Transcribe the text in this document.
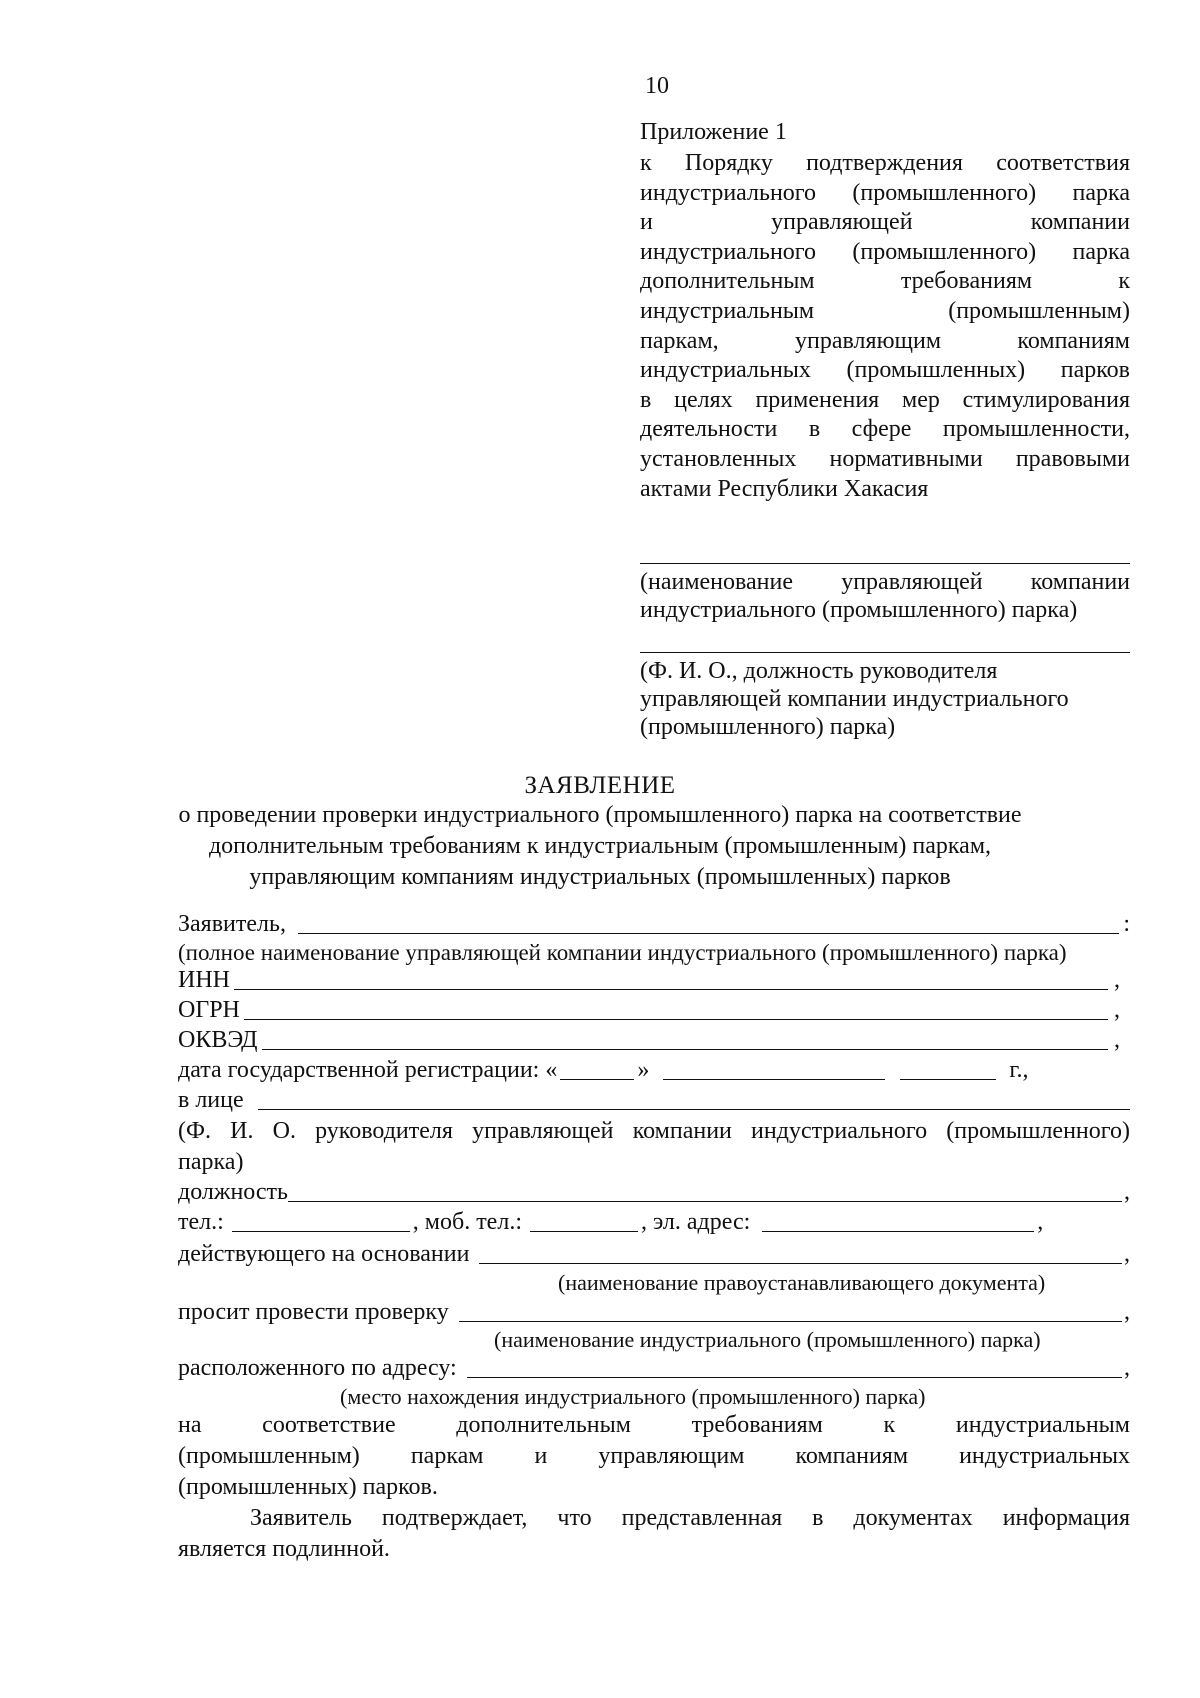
10
Приложение 1
к Порядку подтверждения соответствия
индустриального (промышленного) парка
и управляющей компании
индустриального (промышленного) парка
дополнительным требованиям к
индустриальным (промышленным)
паркам, управляющим компаниям
индустриальных (промышленных) парков
в целях применения мер стимулирования
деятельности в сфере промышленности,
установленных нормативными правовыми
актами Республики Хакасия
(наименование управляющей компании
индустриального (промышленного) парка)
(Ф. И. О., должность руководителя
управляющей компании индустриального
(промышленного) парка)
ЗАЯВЛЕНИЕ
о проведении проверки индустриального (промышленного) парка на соответствие
дополнительным требованиям к индустриальным (промышленным) паркам,
управляющим компаниям индустриальных (промышленных) парков
Заявитель,	:
(полное наименование управляющей компании индустриального (промышленного) парка)
ИНН	,
ОГРН	,
ОКВЭД	,
дата государственной регистрации: «	»	г.,
в лице
(Ф. И. О. руководителя управляющей компании индустриального (промышленного)
парка)
должность	,
тел.:	, моб. тел.:	, эл. адрес:	,
действующего на основании	,
(наименование правоустанавливающего документа)
просит провести проверку	,
(наименование индустриального (промышленного) парка)
расположенного по адресу:	,
(место нахождения индустриального (промышленного) парка)
на соответствие дополнительным требованиям к индустриальным
(промышленным) паркам и управляющим компаниям индустриальных
(промышленных) парков.
Заявитель подтверждает, что представленная в документах информация
является подлинной.
